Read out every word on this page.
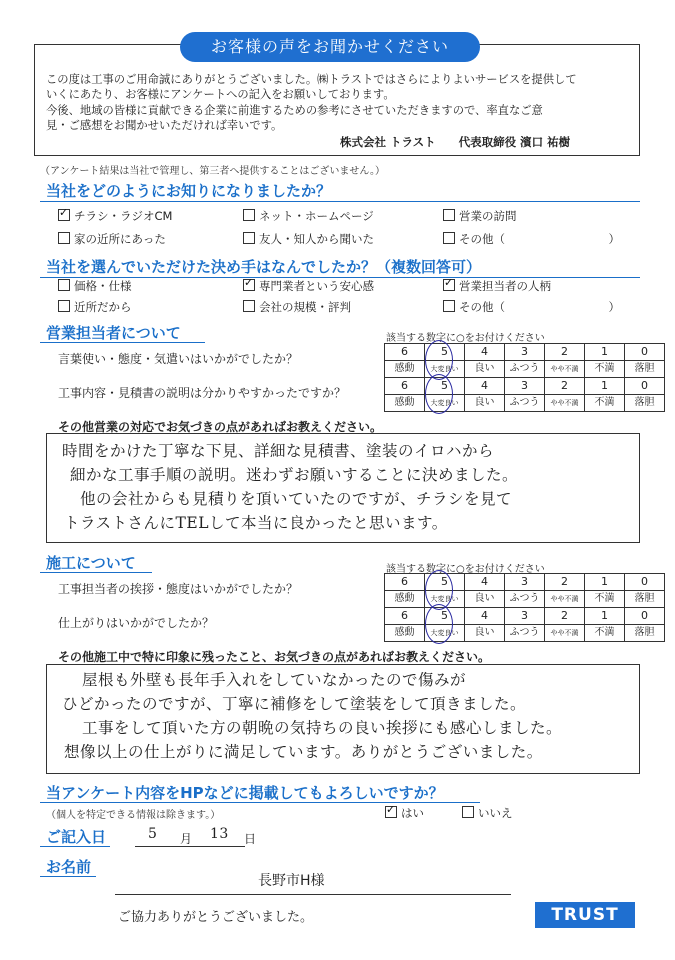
お客様の声をお聞かせください

この度は工事のご用命誠にありがとうございました。㈱トラストではさらによりよいサービスを提供して

いくにあたり、お客様にアンケートへの記入をお願いしております。

今後、地域の皆様に貢献できる企業に前進するための参考にさせていただきますので、率直なご意

見・ご感想をお聞かせいただければ幸いです。

株式会社 トラスト　　代表取締役 濱口 祐樹
（アンケート結果は当社で管理し、第三者へ提供することはございません。）
当社をどのようにお知りになりましたか？
✓チラシ・ラジオCM	ネット・ホームページ	営業の訪問
家の近所にあった	友人・知人から聞いた	その他（　　　　　　　　　）
当社を選んでいただけた決め手はなんでしたか？（複数回答可）
価格・仕様 ✓	専門業者という安心感 ✓	営業担当者の人柄
近所だから	会社の規模・評判	その他（　　　　　　　　　）
営業担当者について	該当する数字に○をお付けください
言葉使い・態度・気遣いはいかがでしたか？
工事内容・見積書の説明は分かりやすかったですか？
6	5	4	3	2	1	0
感動	大変良い	良い	ふつう	やや不満	不満	落胆
6	5	4	3	2	1	0
感動	大変良い	良い	ふつう	やや不満	不満	落胆
その他営業の対応でお気づきの点があればお教えください。
時間をかけた丁寧な下見、詳細な見積書、塗装のイロハから
細かな工事手順の説明。迷わずお願いすることに決めました。
他の会社からも見積りを頂いていたのですが、チラシを見て
トラストさんにTELして本当に良かったと思います。
施工について	該当する数字に○をお付けください
工事担当者の挨拶・態度はいかがでしたか？
仕上がりはいかがでしたか？
6	5	4	3	2	1	0
感動	大変良い	良い	ふつう	やや不満	不満	落胆
6	5	4	3	2	1	0
感動	大変良い	良い	ふつう	やや不満	不満	落胆
その他施工中で特に印象に残ったこと、お気づきの点があればお教えください。
屋根も外壁も長年手入れをしていなかったので傷みが
ひどかったのですが、丁寧に補修をして塗装をして頂きました。
工事をして頂いた方の朝晩の気持ちの良い挨拶にも感心しました。
想像以上の仕上がりに満足しています。ありがとうございました。
当アンケート内容をHPなどに掲載してもよろしいですか？
（個人を特定できる情報は除きます。） ✓	はい	いいえ
ご記入日	5 月 13 日
お名前
長野市H様
ご協力ありがとうございました。	TRUST
